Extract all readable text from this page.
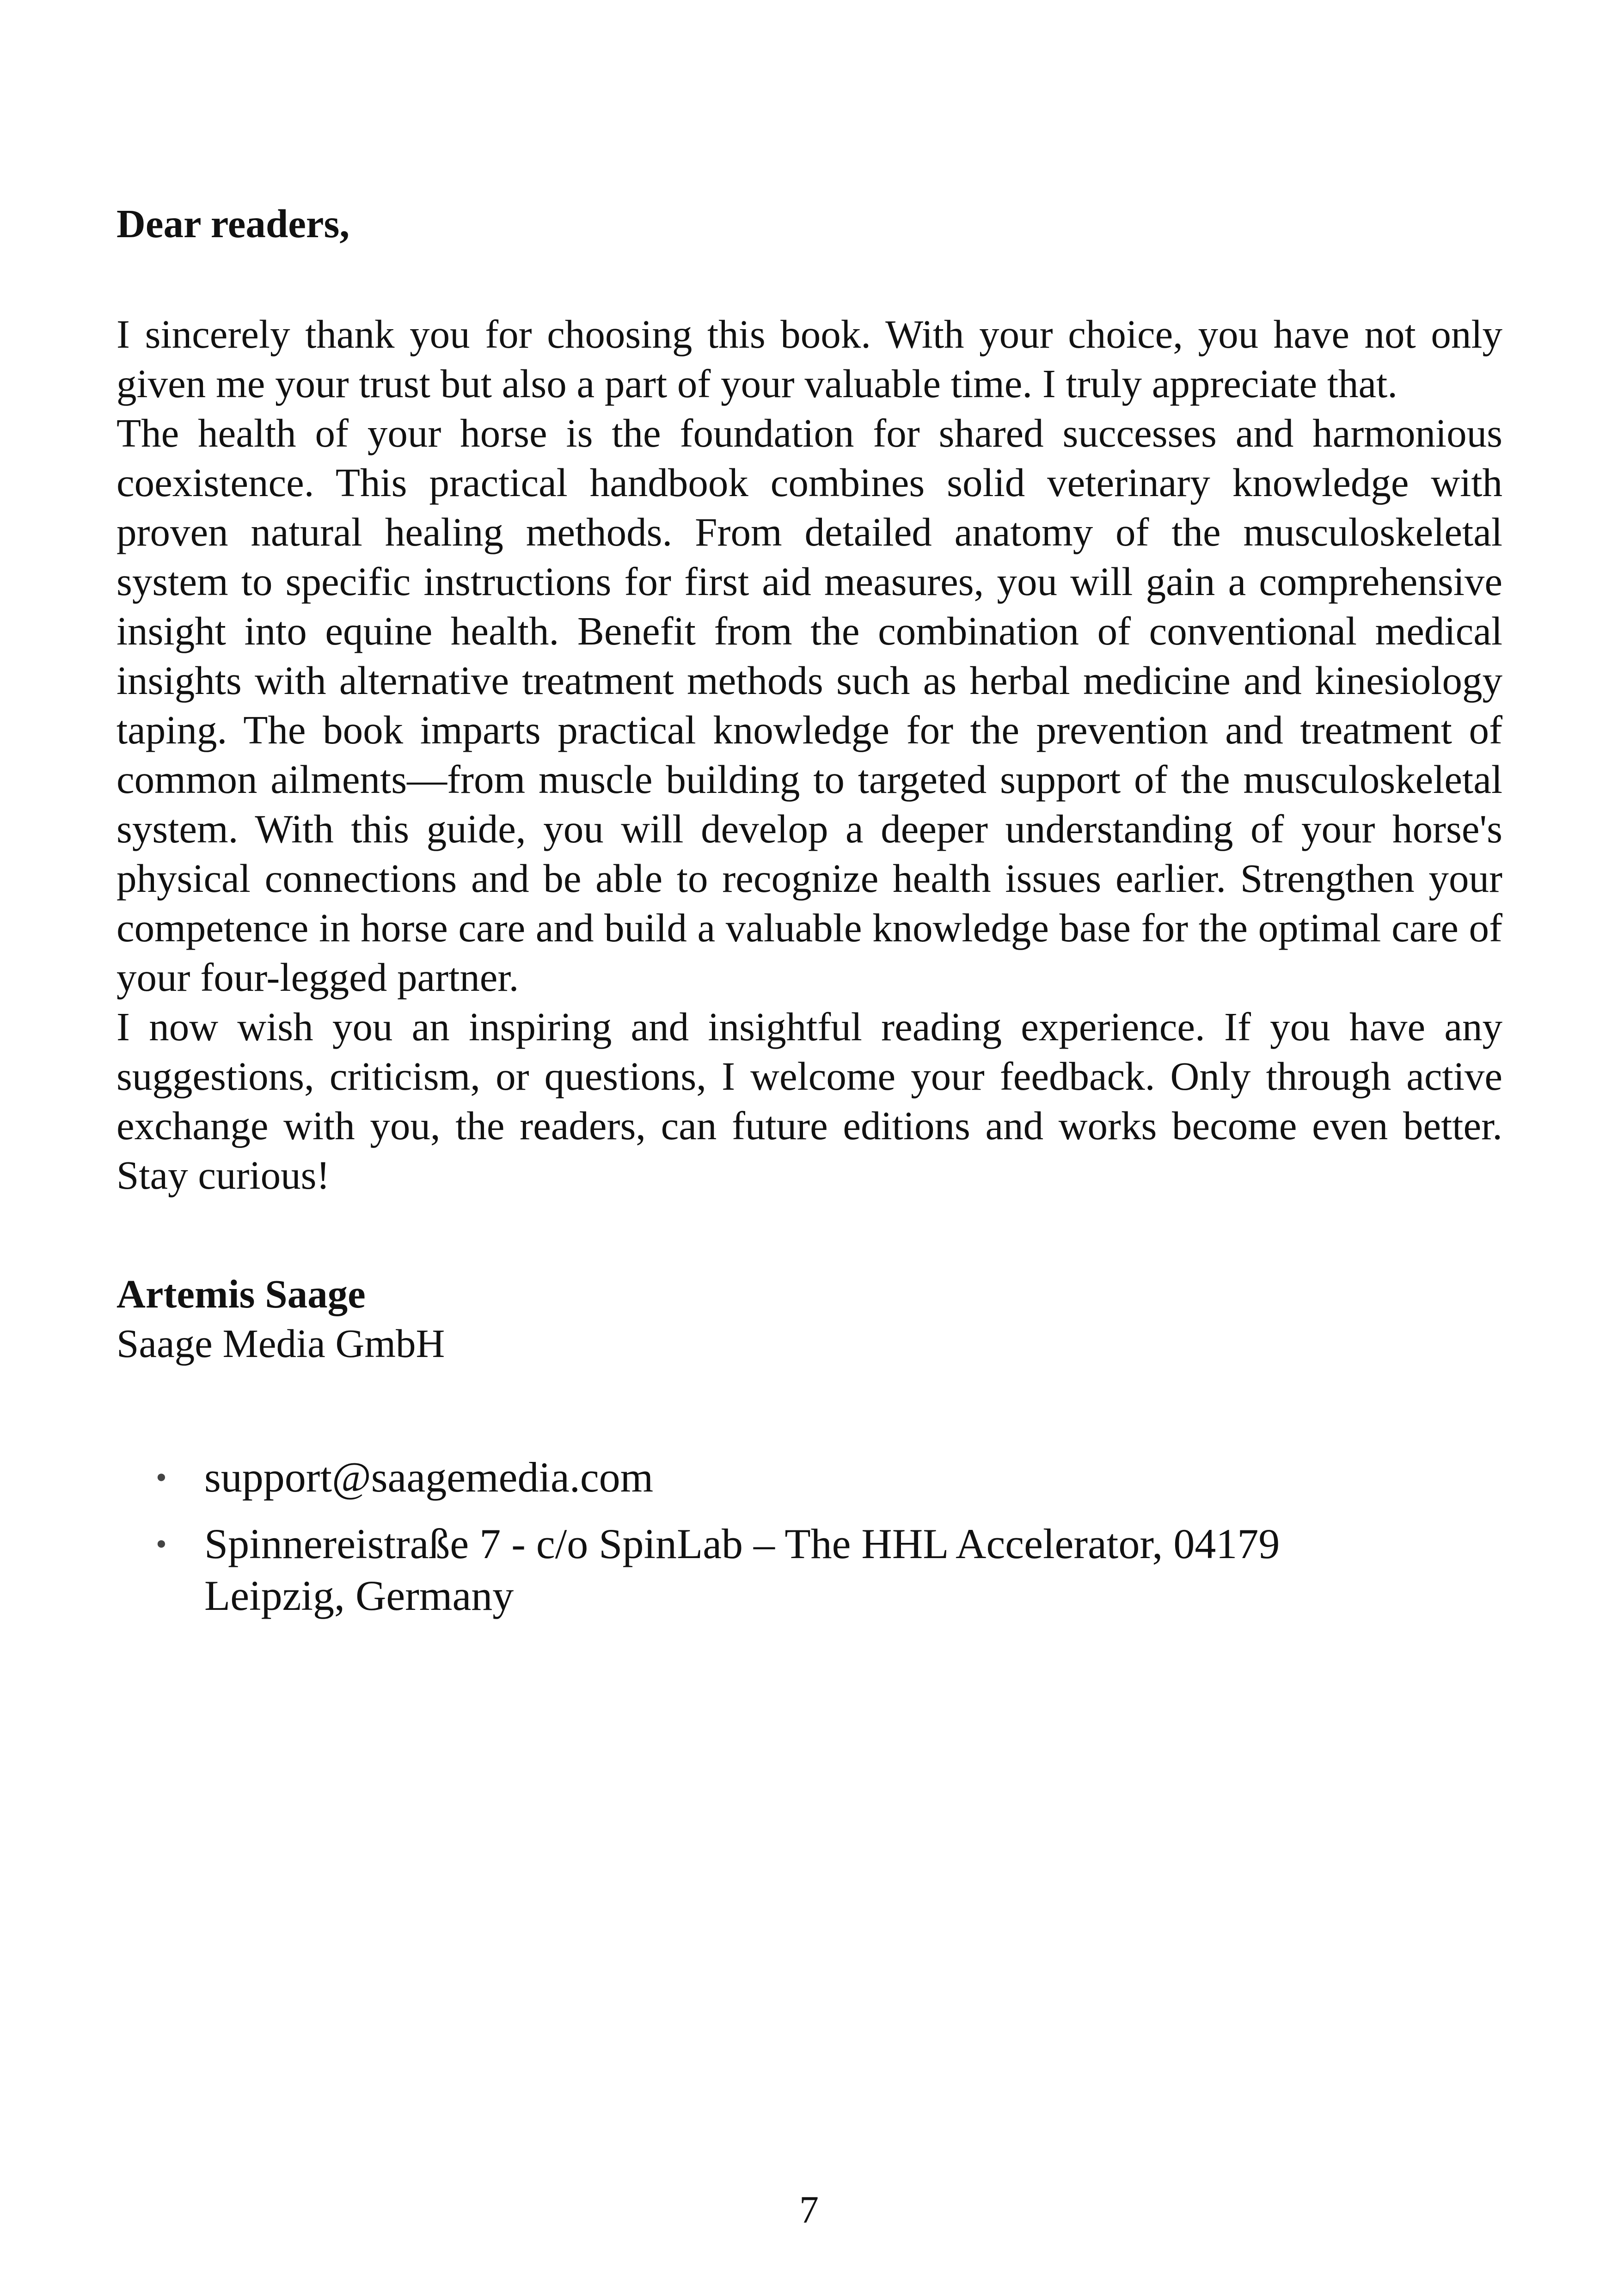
Dear readers,

I sincerely thank you for choosing this book. With your choice, you have not only given me your trust but also a part of your valuable time. I truly appreciate that.

The health of your horse is the foundation for shared successes and harmonious coexistence. This practical handbook combines solid veterinary knowledge with proven natural healing methods. From detailed anatomy of the musculoskeletal system to specific instructions for first aid measures, you will gain a comprehensive insight into equine health. Benefit from the combination of conventional medical insights with alternative treatment methods such as herbal medicine and kinesiology taping. The book imparts practical knowledge for the prevention and treatment of common ailments—from muscle building to targeted support of the musculoskeletal system. With this guide, you will develop a deeper understanding of your horse's physical connections and be able to recognize health issues earlier. Strengthen your competence in horse care and build a valuable knowledge base for the optimal care of your four-legged partner.

I now wish you an inspiring and insightful reading experience. If you have any suggestions, criticism, or questions, I welcome your feedback. Only through active exchange with you, the readers, can future editions and works become even better. Stay curious!

Artemis Saage

Saage Media GmbH

• support@saagemedia.com
• Spinnereistraße 7 - c/o SpinLab – The HHL Accelerator, 04179 Leipzig, Germany
7
